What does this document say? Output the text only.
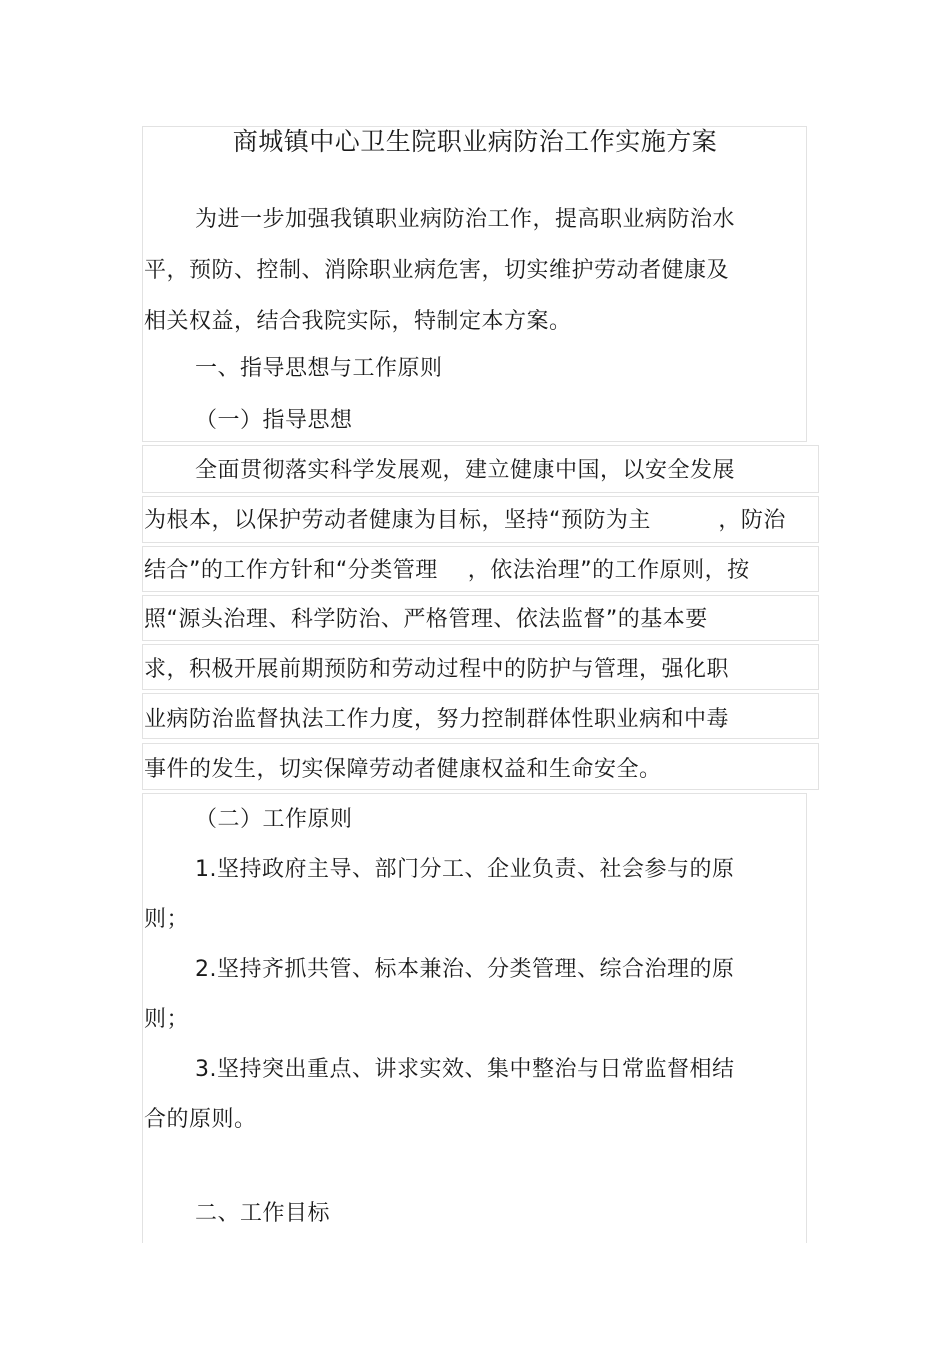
商城镇中心卫生院职业病防治工作实施方案
为进一步加强我镇职业病防治工作，提高职业病防治水
平，预防、控制、消除职业病危害，切实维护劳动者健康及
相关权益，结合我院实际，特制定本方案。
一、指导思想与工作原则
（一）指导思想
全面贯彻落实科学发展观，建立健康中国，以安全发展
为根本，以保护劳动者健康为目标，坚持“预防为主　　　，防治
结合”的工作方针和“分类管理　 ，依法治理”的工作原则，按
照“源头治理、科学防治、严格管理、依法监督”的基本要
求，积极开展前期预防和劳动过程中的防护与管理，强化职
业病防治监督执法工作力度，努力控制群体性职业病和中毒
事件的发生，切实保障劳动者健康权益和生命安全。
（二）工作原则
1.坚持政府主导、部门分工、企业负责、社会参与的原
则；
2.坚持齐抓共管、标本兼治、分类管理、综合治理的原
则；
3.坚持突出重点、讲求实效、集中整治与日常监督相结
合的原则。
二、工作目标
